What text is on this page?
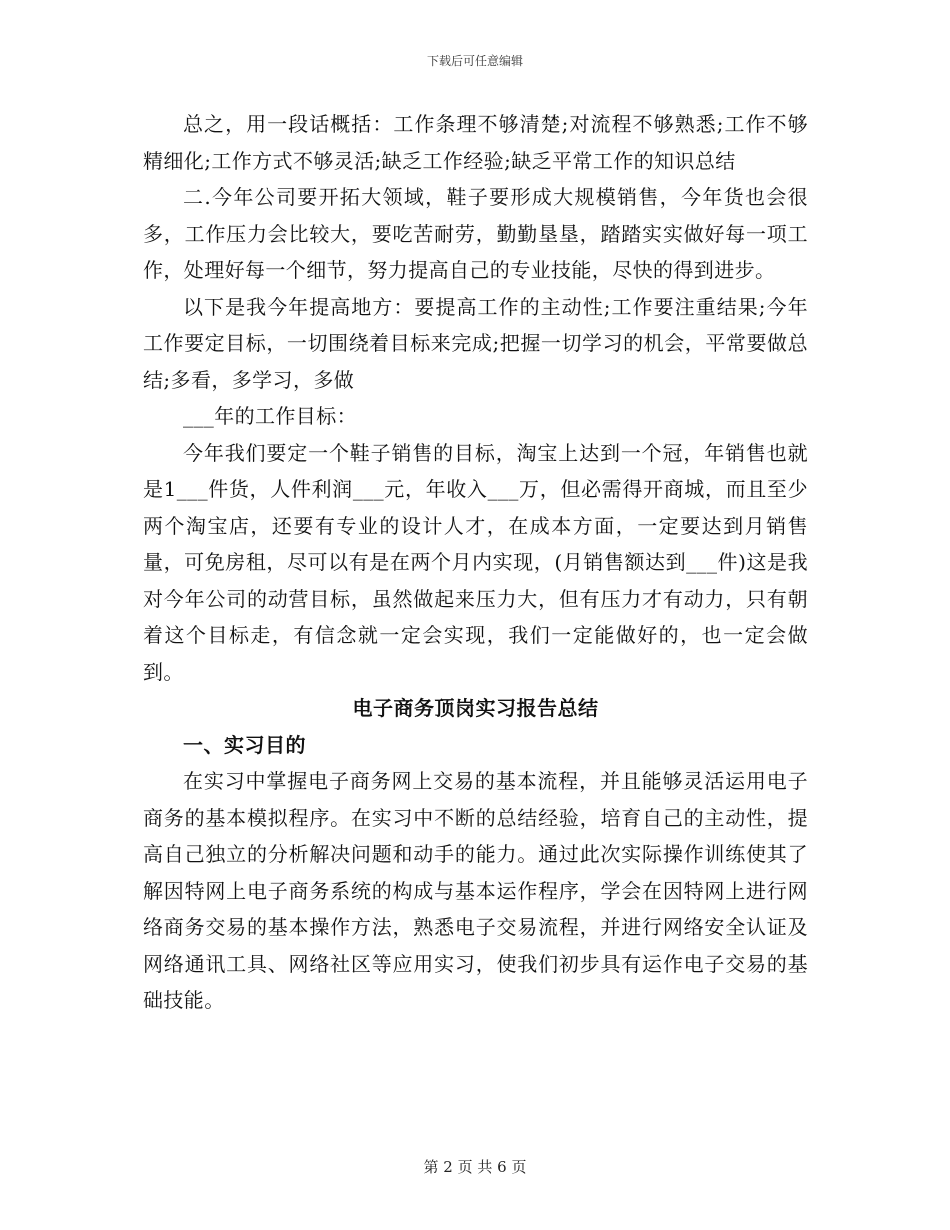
下载后可任意编辑

总之，用一段话概括：工作条理不够清楚;对流程不够熟悉;工作不够精细化;工作方式不够灵活;缺乏工作经验;缺乏平常工作的知识总结

二.今年公司要开拓大领域，鞋子要形成大规模销售，今年货也会很多，工作压力会比较大，要吃苦耐劳，勤勤垦垦，踏踏实实做好每一项工作，处理好每一个细节，努力提高自己的专业技能，尽快的得到进步。

以下是我今年提高地方：要提高工作的主动性;工作要注重结果;今年工作要定目标，一切围绕着目标来完成;把握一切学习的机会，平常要做总结;多看，多学习，多做

___年的工作目标：

今年我们要定一个鞋子销售的目标，淘宝上达到一个冠，年销售也就是1___件货，人件利润___元，年收入___万，但必需得开商城，而且至少两个淘宝店，还要有专业的设计人才，在成本方面，一定要达到月销售量，可免房租，尽可以有是在两个月内实现，(月销售额达到___件)这是我对今年公司的动营目标，虽然做起来压力大，但有压力才有动力，只有朝着这个目标走，有信念就一定会实现，我们一定能做好的，也一定会做到。

电子商务顶岗实习报告总结

一、实习目的

在实习中掌握电子商务网上交易的基本流程，并且能够灵活运用电子商务的基本模拟程序。在实习中不断的总结经验，培育自己的主动性，提高自己独立的分析解决问题和动手的能力。通过此次实际操作训练使其了解因特网上电子商务系统的构成与基本运作程序，学会在因特网上进行网络商务交易的基本操作方法，熟悉电子交易流程，并进行网络安全认证及网络通讯工具、网络社区等应用实习，使我们初步具有运作电子交易的基础技能。

第 2 页 共 6 页
